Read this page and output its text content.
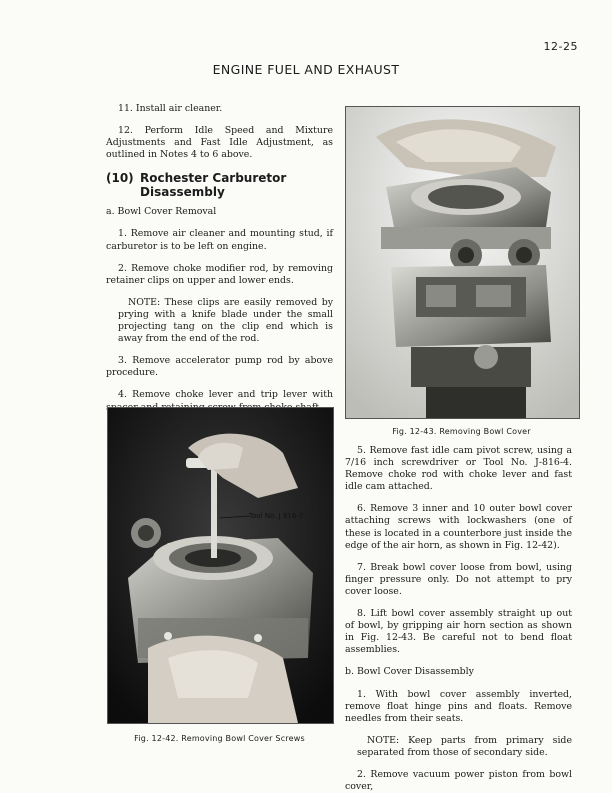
12-25
ENGINE FUEL AND EXHAUST

11. Install air cleaner.

12. Perform Idle Speed and Mixture Adjustments and Fast Idle Adjustment, as outlined in Notes 4 to 6 above.

(10) Rochester Carburetor
Disassembly

a. Bowl Cover Removal

1. Remove air cleaner and mounting stud, if carburetor is to be left on engine.

2. Remove choke modifier rod, by removing retainer clips on upper and lower ends.

NOTE: These clips are easily removed by prying with a knife blade under the small projecting tang on the clip end which is away from the end of the rod.

3. Remove accelerator pump rod by above procedure.

4. Remove choke lever and trip lever with

Tool No. J 816-7
Fig. 12-42. Removing Bowl Cover Screws
Fig. 12-43. Removing Bowl Cover

5. Remove fast idle cam pivot screw, using a 7/16 inch screwdriver or Tool No. J-816-4. Remove choke rod with choke lever and fast idle cam attached.

6. Remove 3 inner and 10 outer bowl cover attaching screws with lockwashers (one of these is located in a counterbore just inside the edge of the air horn, as shown in Fig. 12-42).

7. Break bowl cover loose from bowl, using finger pressure only. Do not attempt to pry cover loose.

8. Lift bowl cover assembly straight up out of bowl, by gripping air horn section as shown in Fig. 12-43. Be careful not to bend float assemblies.

b. Bowl Cover Disassembly

1. With bowl cover assembly inverted, remove float hinge pins and floats. Remove needles from their seats.

NOTE: Keep parts from primary side separated from those of secondary side.

2. Remove vacuum power piston from bowl cover,
